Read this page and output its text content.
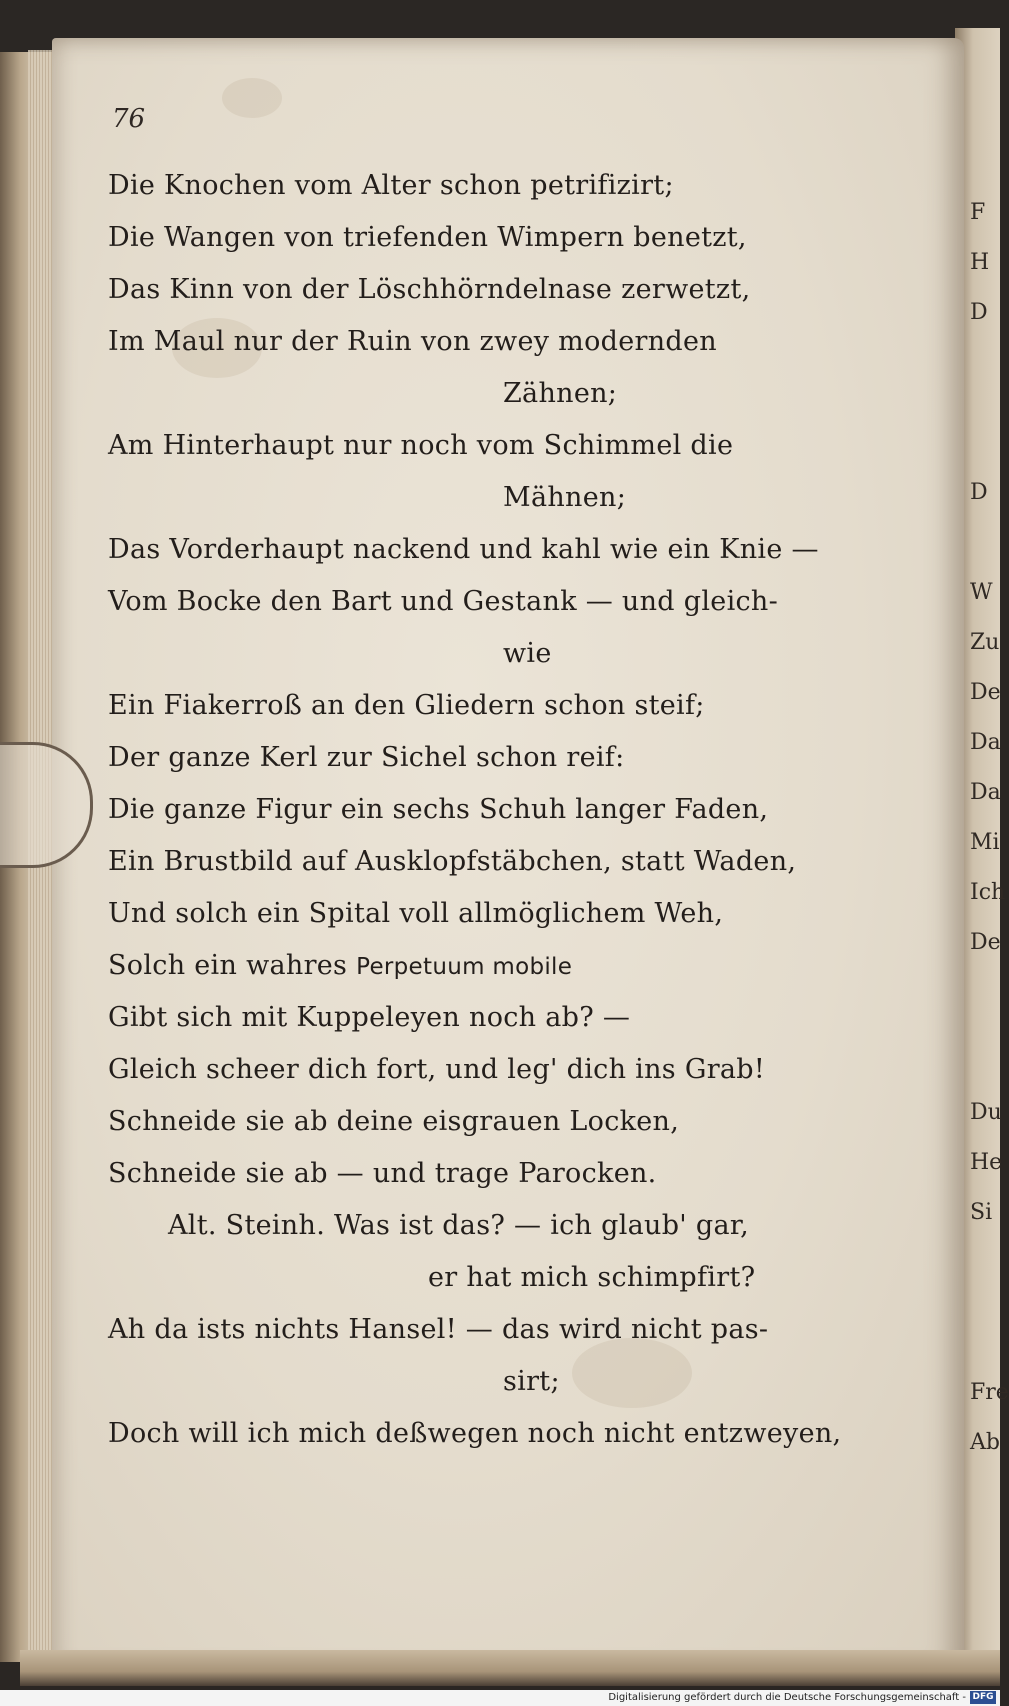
76
Die Knochen vom Alter schon petrifizirt;
Die Wangen von triefenden Wimpern benetzt,
Das Kinn von der Löschhörndelnase zerwetzt,
Im Maul nur der Ruin von zwey modernden
Zähnen;
Am Hinterhaupt nur noch vom Schimmel die
Mähnen;
Das Vorderhaupt nackend und kahl wie ein Knie —
Vom Bocke den Bart und Gestank — und gleich-
wie
Ein Fiakerroß an den Gliedern schon steif;
Der ganze Kerl zur Sichel schon reif:
Die ganze Figur ein sechs Schuh langer Faden,
Ein Brustbild auf Ausklopfstäbchen, statt Waden,
Und solch ein Spital voll allmöglichem Weh,
Solch ein wahres Perpetuum mobile
Gibt sich mit Kuppeleyen noch ab? —
Gleich scheer dich fort, und leg' dich ins Grab!
Schneide sie ab deine eisgrauen Locken,
Schneide sie ab — und trage Parocken.
Alt. Steinh. Was ist das? — ich glaub' gar,
er hat mich schimpfirt?
Ah da ists nichts Hansel! — das wird nicht pas-
sirt;
Doch will ich mich deßwegen noch nicht entzweyen,
F
H
D
D
W
Zu
De
Da
Da
Mi
Ich
De
Du
He
Si
Fre
Ab
Digitalisierung gefördert durch die Deutsche Forschungsgemeinschaft - DFG
